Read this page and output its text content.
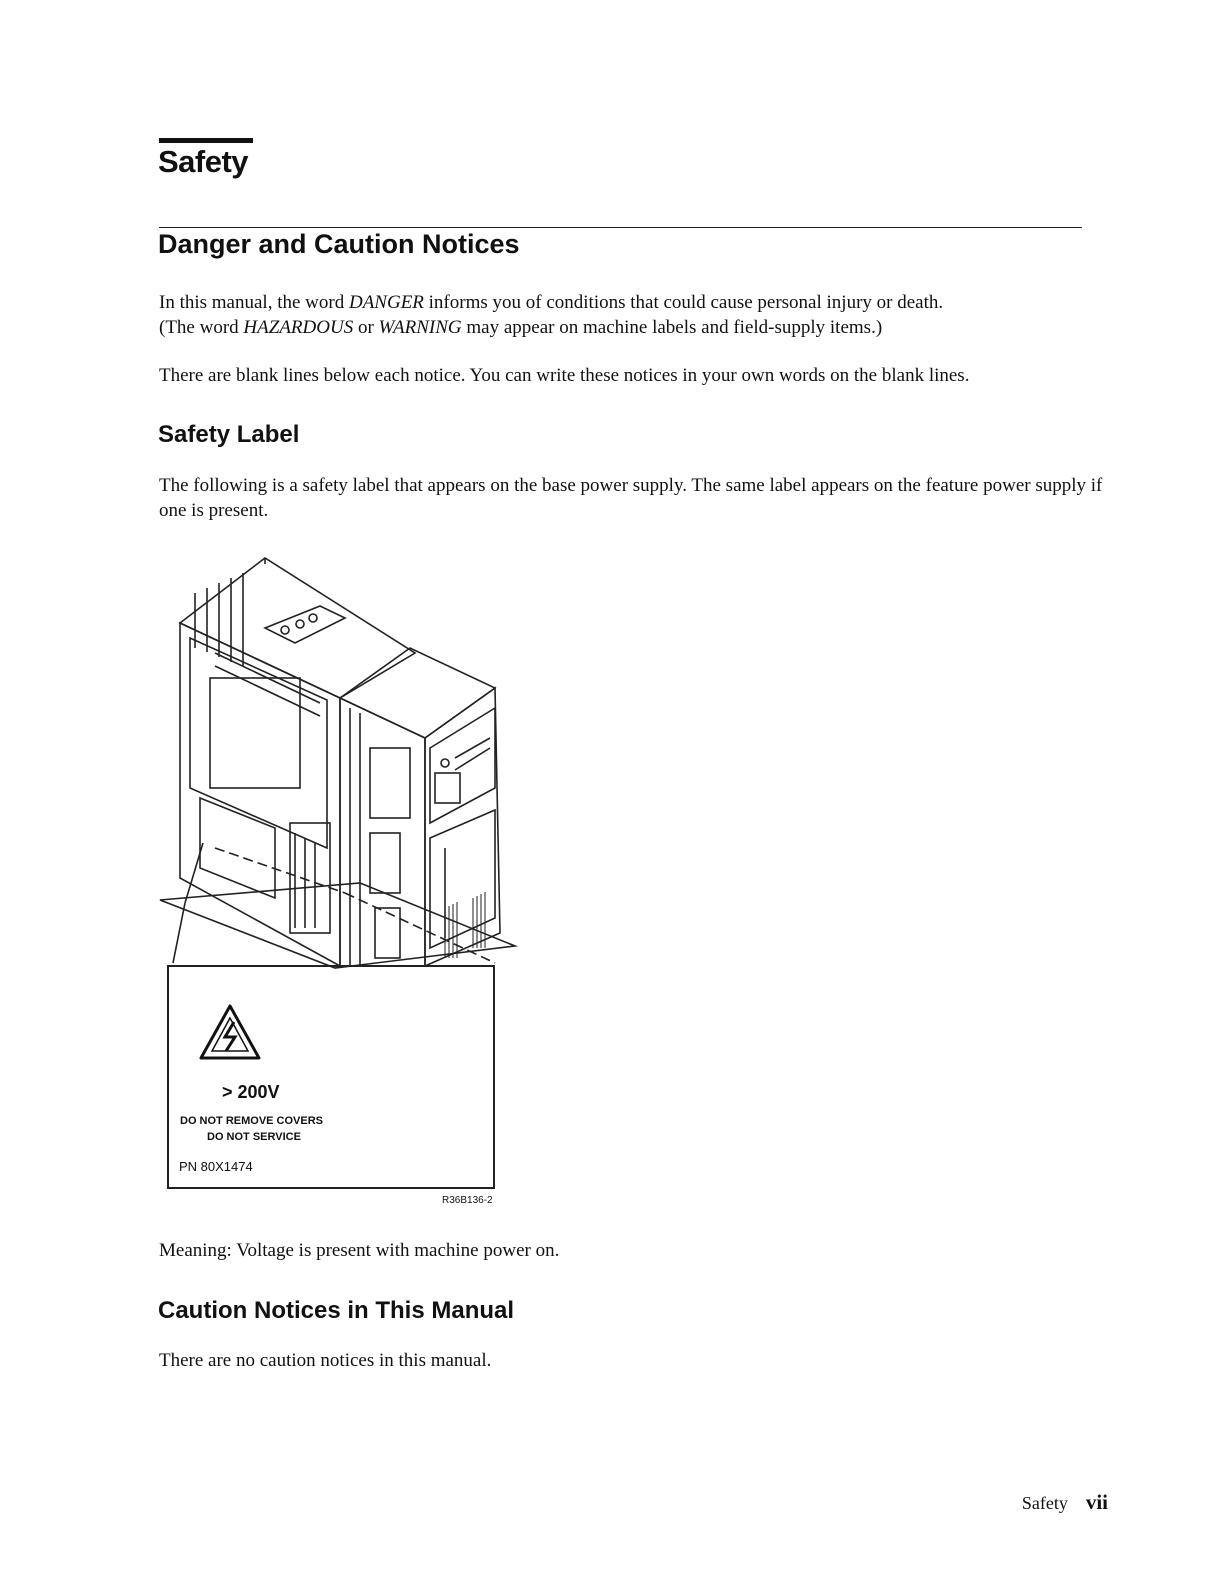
Safety
Danger and Caution Notices

In this manual, the word DANGER informs you of conditions that could cause personal injury or death.
(The word HAZARDOUS or WARNING may appear on machine labels and field-supply items.)

There are blank lines below each notice. You can write these notices in your own words on the blank lines.

Safety Label

The following is a safety label that appears on the base power supply. The same label appears on the feature power supply if one is present.

> 200V
DO NOT REMOVE COVERS
DO NOT SERVICE
PN 80X1474
R36B136-2

Meaning: Voltage is present with machine power on.

Caution Notices in This Manual

There are no caution notices in this manual.

Safety vii
